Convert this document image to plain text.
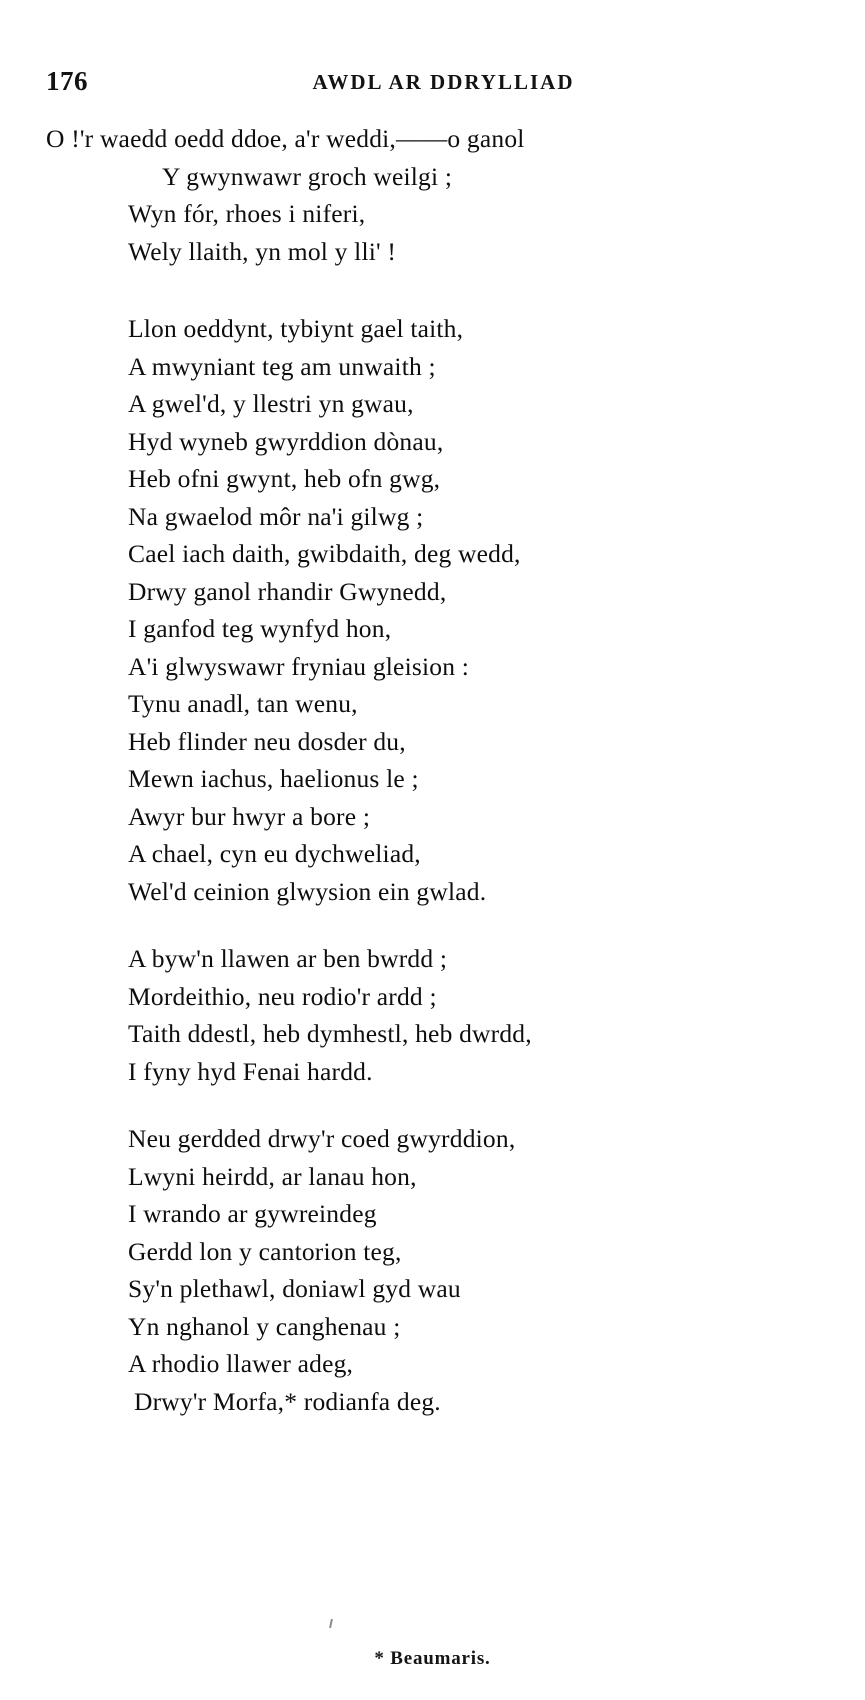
176	AWDL AR DDRYLLIAD
O !'r waedd oedd ddoe, a'r weddi,——o ganol
Y gwynwawr groch weilgi ;
Wyn fór, rhoes i niferi,
Wely llaith, yn mol y lli' !
Llon oeddynt, tybiynt gael taith,
A mwyniant teg am unwaith ;
A gwel'd, y llestri yn gwau,
Hyd wyneb gwyrddion dònau,
Heb ofni gwynt, heb ofn gwg,
Na gwaelod môr na'i gilwg ;
Cael iach daith, gwibdaith, deg wedd,
Drwy ganol rhandir Gwynedd,
I ganfod teg wynfyd hon,
A'i glwyswawr fryniau gleision :
Tynu anadl, tan wenu,
Heb flinder neu dosder du,
Mewn iachus, haelionus le ;
Awyr bur hwyr a bore ;
A chael, cyn eu dychweliad,
Wel'd ceinion glwysion ein gwlad.
A byw'n llawen ar ben bwrdd ;
Mordeithio, neu rodio'r ardd ;
Taith ddestl, heb dymhestl, heb dwrdd,
I fyny hyd Fenai hardd.
Neu gerdded drwy'r coed gwyrddion,
Lwyni heirdd, ar lanau hon,
I wrando ar gywreindeg
Gerdd lon y cantorion teg,
Sy'n plethawl, doniawl gyd wau
Yn nghanol y canghenau ;
A rhodio llawer adeg,
Drwy'r Morfa,* rodianfa deg.
* Beaumaris.
